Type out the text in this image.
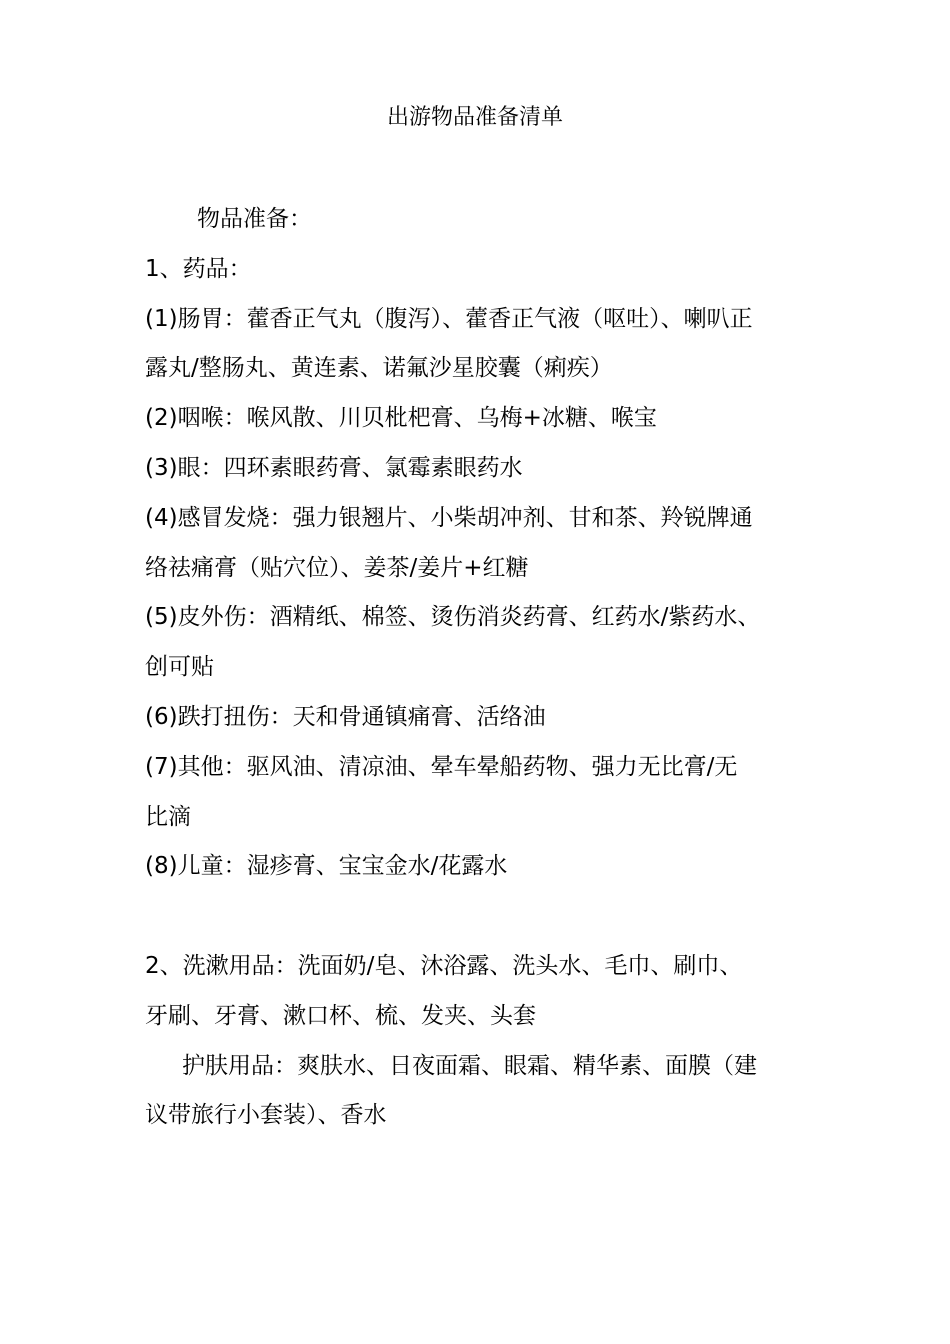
出游物品准备清单
物品准备：
1、药品：
(1)肠胃：藿香正气丸（腹泻）、藿香正气液（呕吐）、喇叭正
露丸/整肠丸、黄连素、诺氟沙星胶囊（痢疾）
(2)咽喉：喉风散、川贝枇杷膏、乌梅+冰糖、喉宝
(3)眼：四环素眼药膏、氯霉素眼药水
(4)感冒发烧：强力银翘片、小柴胡冲剂、甘和茶、羚锐牌通
络祛痛膏（贴穴位）、姜茶/姜片+红糖
(5)皮外伤：酒精纸、棉签、烫伤消炎药膏、红药水/紫药水、
创可贴
(6)跌打扭伤：天和骨通镇痛膏、活络油
(7)其他：驱风油、清凉油、晕车晕船药物、强力无比膏/无
比滴
(8)儿童：湿疹膏、宝宝金水/花露水
2、洗漱用品：洗面奶/皂、沐浴露、洗头水、毛巾、刷巾、
牙刷、牙膏、漱口杯、梳、发夹、头套
护肤用品：爽肤水、日夜面霜、眼霜、精华素、面膜（建
议带旅行小套装）、香水
